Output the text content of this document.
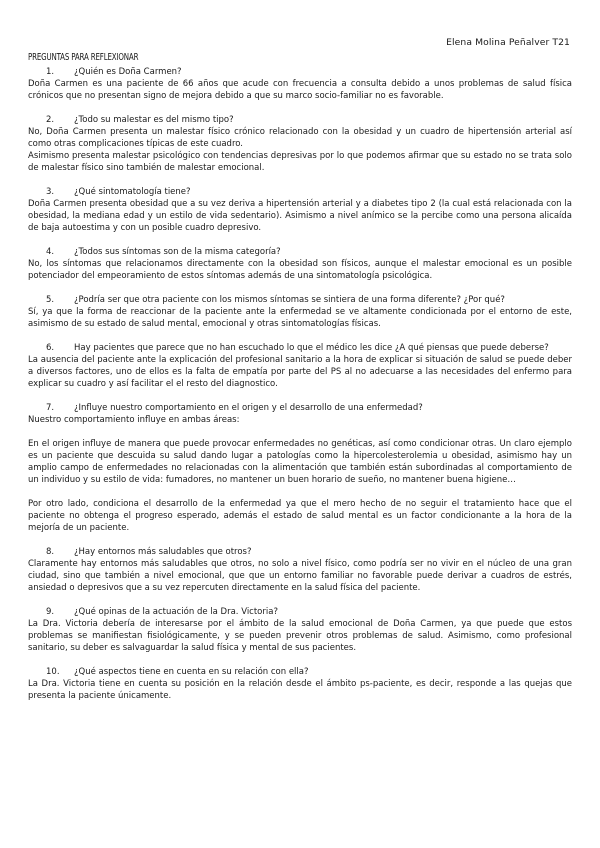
Elena Molina Peñalver T21
PREGUNTAS PARA REFLEXIONAR

1.	¿Quién es Doña Carmen?

Doña Carmen es una paciente de 66 años que acude con frecuencia a consulta debido a unos problemas de salud física crónicos que no presentan signo de mejora debido a que su marco socio-familiar no es favorable.

2.	¿Todo su malestar es del mismo tipo?

No, Doña Carmen presenta un malestar físico crónico relacionado con la obesidad y un cuadro de hipertensión arterial así como otras complicaciones típicas de este cuadro.

Asimismo presenta malestar psicológico con tendencias depresivas por lo que podemos afirmar que su estado no se trata solo de malestar físico sino también de malestar emocional.

3.	¿Qué sintomatología tiene?

Doña Carmen presenta obesidad que a su vez deriva a hipertensión arterial y a diabetes tipo 2 (la cual está relacionada con la obesidad, la mediana edad y un estilo de vida sedentario). Asimismo a nivel anímico se la percibe como una persona alicaída de baja autoestima y con un posible cuadro depresivo.

4.	¿Todos sus síntomas son de la misma categoría?

No, los síntomas que relacionamos directamente con la obesidad son físicos, aunque el malestar emocional es un posible potenciador del empeoramiento de estos síntomas además de una sintomatología psicológica.

5.	¿Podría ser que otra paciente con los mismos síntomas se sintiera de una forma diferente? ¿Por qué?

Sí, ya que la forma de reaccionar de la paciente ante la enfermedad se ve altamente condicionada por el entorno de este, asimismo de su estado de salud mental, emocional y otras sintomatologías físicas.

6.	Hay pacientes que parece que no han escuchado lo que el médico les dice ¿A qué piensas que puede deberse?

La ausencia del paciente ante la explicación del profesional sanitario a la hora de explicar si situación de salud se puede deber a diversos factores, uno de ellos es la falta de empatía por parte del PS al no adecuarse a las necesidades del enfermo para explicar su cuadro y así facilitar el el resto del diagnostico.

7.	¿Influye nuestro comportamiento en el origen y el desarrollo de una enfermedad?

Nuestro comportamiento influye en ambas áreas:

En el origen influye de manera que puede provocar enfermedades no genéticas, así como condicionar otras. Un claro ejemplo es un paciente que descuida su salud dando lugar a patologías como la hipercolesterolemia u obesidad, asimismo hay un amplio campo de enfermedades no relacionadas con la alimentación que también están subordinadas al comportamiento de un individuo y su estilo de vida: fumadores, no mantener un buen horario de sueño, no mantener buena higiene…

Por otro lado, condiciona el desarrollo de la enfermedad ya que el mero hecho de no seguir el tratamiento hace que el paciente no obtenga el progreso esperado, además el estado de salud mental es un factor condicionante a la hora de la mejoría de un paciente.

8.	¿Hay entornos más saludables que otros?

Claramente hay entornos más saludables que otros, no solo a nivel físico, como podría ser no vivir en el núcleo de una gran ciudad, sino que también a nivel emocional, que que un entorno familiar no favorable puede derivar a cuadros de estrés, ansiedad o depresivos que a su vez repercuten directamente en la salud física del paciente.

9.	¿Qué opinas de la actuación de la Dra. Victoria?

La Dra. Victoria debería de interesarse por el ámbito de la salud emocional de Doña Carmen, ya que puede que estos problemas se manifiestan fisiológicamente, y se pueden prevenir otros problemas de salud. Asimismo, como profesional sanitario, su deber es salvaguardar la salud física y mental de sus pacientes.

10.	¿Qué aspectos tiene en cuenta en su relación con ella?

La Dra. Victoria tiene en cuenta su posición en la relación desde el ámbito ps-paciente, es decir, responde a las quejas que presenta la paciente únicamente.
